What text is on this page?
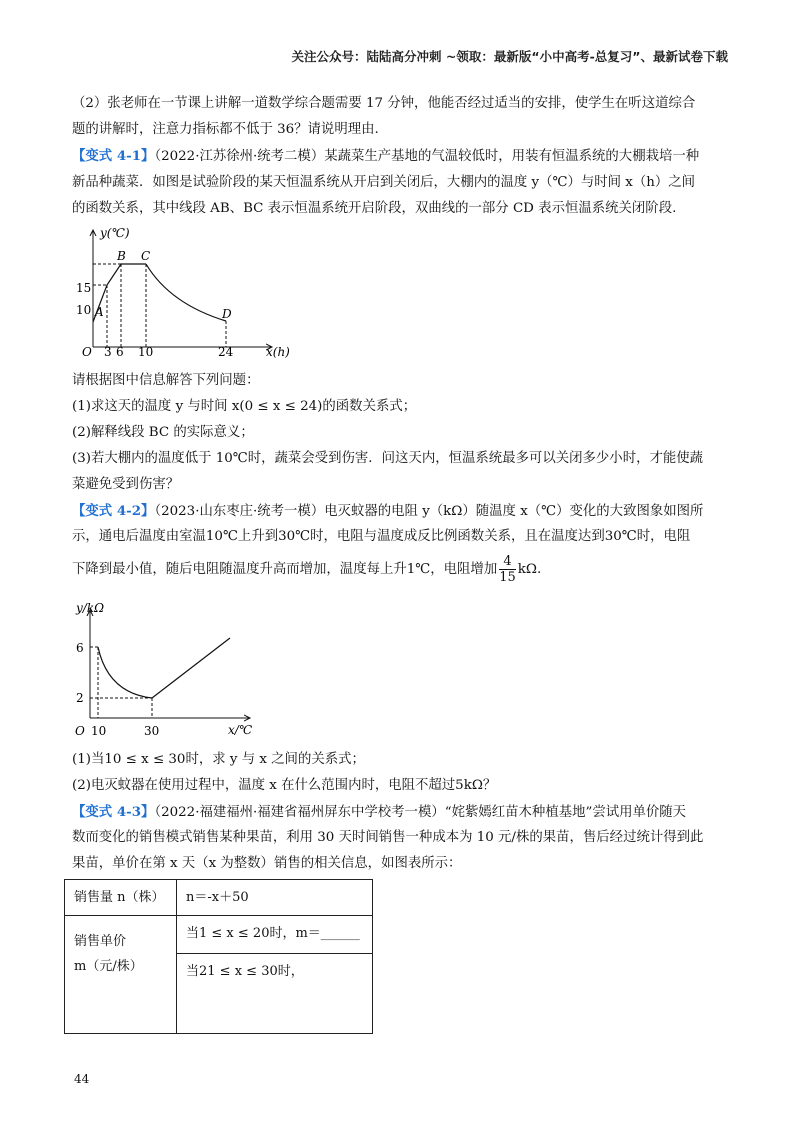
关注公众号：陆陆高分冲刺 ~领取：最新版“小中高考-总复习”、最新试卷下载
（2）张老师在一节课上讲解一道数学综合题需要 17 分钟，他能否经过适当的安排，使学生在听这道综合
题的讲解时，注意力指标都不低于 36？请说明理由.
【变式 4-1】（2022·江苏徐州·统考二模）某蔬菜生产基地的气温较低时，用装有恒温系统的大棚栽培一种
新品种蔬菜．如图是试验阶段的某天恒温系统从开启到关闭后，大棚内的温度 y（℃）与时间 x（h）之间
的函数关系，其中线段 AB、BC 表示恒温系统开启阶段，双曲线的一部分 CD 表示恒温系统关闭阶段.
y(℃)
x(h)
O
15
10
3 6 10	24
A
B C
D
请根据图中信息解答下列问题：
(1)求这天的温度 y 与时间 x(0 ≤ x ≤ 24)的函数关系式；
(2)解释线段 BC 的实际意义；
(3)若大棚内的温度低于 10℃时，蔬菜会受到伤害．问这天内，恒温系统最多可以关闭多少小时，才能使蔬
菜避免受到伤害？
【变式 4-2】（2023·山东枣庄·统考一模）电灭蚊器的电阻 y（kΩ）随温度 x（℃）变化的大致图象如图所
示，通电后温度由室温10℃上升到30℃时，电阻与温度成反比例函数关系，且在温度达到30℃时，电阻
下降到最小值，随后电阻随温度升高而增加，温度每上升1℃，电阻增加 $\frac{4}{15} k\Omega$.
y/kΩ
x/℃
O
6
2
10	30
(1)当10 ≤ x ≤ 30时，求 y 与 x 之间的关系式；
(2)电灭蚊器在使用过程中，温度 x 在什么范围内时，电阻不超过5kΩ？
【变式 4-3】（2022·福建福州·福建省福州屏东中学校考一模）“姹紫嫣红苗木种植基地”尝试用单价随天
数而变化的销售模式销售某种果苗，利用 30 天时间销售一种成本为 10 元/株的果苗，售后经过统计得到此
果苗，单价在第 x 天（x 为整数）销售的相关信息，如图表所示：
销售量 n（株）	n＝-x＋50

销售单价
m（元/株）	当1 ≤ x ≤ 20时，m＝______
	当21 ≤ x ≤ 30时，
44
